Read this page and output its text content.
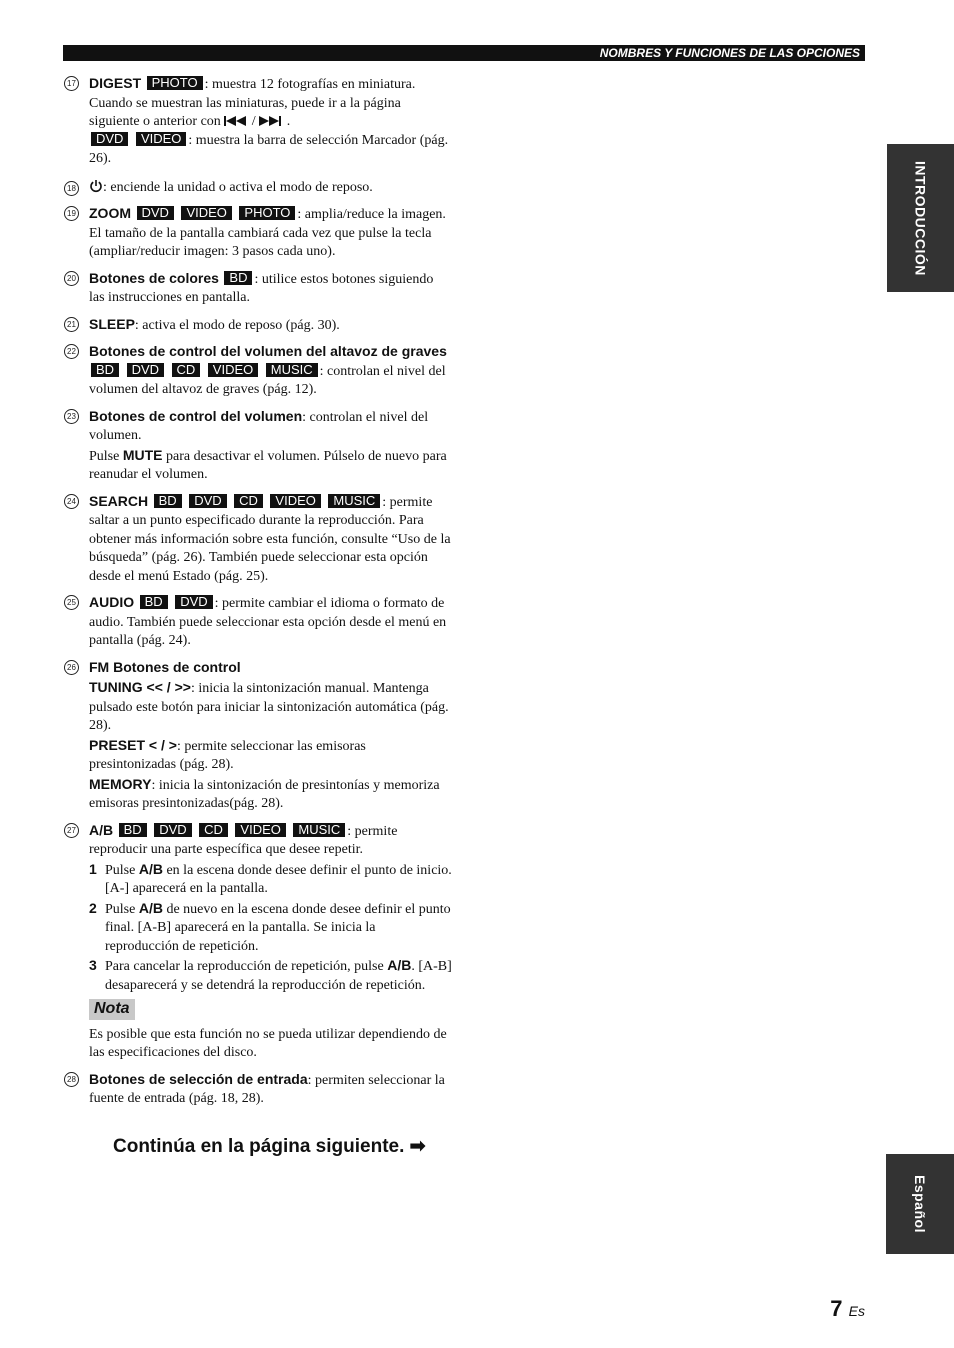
NOMBRES Y FUNCIONES DE LAS OPCIONES
INTRODUCCIÓN
Español
17 DIGEST PHOTO : muestra 12 fotografías en miniatura. Cuando se muestran las miniaturas, puede ir a la página siguiente o anterior con  /  .

DVD VIDEO : muestra la barra de selección Marcador (pág. 26).

18	: enciende la unidad o activa el modo de reposo.

19 ZOOM DVD VIDEO PHOTO : amplia/reduce la imagen. El tamaño de la pantalla cambiará cada vez que pulse la tecla (ampliar/reducir imagen: 3 pasos cada uno).

20 Botones de colores BD : utilice estos botones siguiendo las instrucciones en pantalla.

21 SLEEP: activa el modo de reposo (pág. 30).

22 Botones de control del volumen del altavoz de graves BD DVD CD VIDEO MUSIC : controlan el nivel del volumen del altavoz de graves (pág. 12).

23 Botones de control del volumen: controlan el nivel del volumen.

Pulse MUTE para desactivar el volumen. Púlselo de nuevo para reanudar el volumen.

24 SEARCH BD DVD CD VIDEO MUSIC : permite saltar a un punto especificado durante la reproducción. Para obtener más información sobre esta función, consulte “Uso de la búsqueda” (pág. 26). También puede seleccionar esta opción desde el menú Estado (pág. 25).

25 AUDIO BD DVD : permite cambiar el idioma o formato de audio. También puede seleccionar esta opción desde el menú en pantalla (pág. 24).

26 FM Botones de control

TUNING << / >>: inicia la sintonización manual. Mantenga pulsado este botón para iniciar la sintonización automática (pág. 28).

PRESET < / >: permite seleccionar las emisoras presintonizadas (pág. 28).

MEMORY: inicia la sintonización de presintonías y memoriza emisoras presintonizadas(pág. 28).

27 A/B BD DVD CD VIDEO MUSIC : permite reproducir una parte específica que desee repetir.

1 Pulse A/B en la escena donde desee definir el punto de inicio. [A-] aparecerá en la pantalla.

2 Pulse A/B de nuevo en la escena donde desee definir el punto final. [A-B] aparecerá en la pantalla. Se inicia la reproducción de repetición.

3 Para cancelar la reproducción de repetición, pulse A/B. [A-B] desaparecerá y se detendrá la reproducción de repetición.

Nota

Es posible que esta función no se pueda utilizar dependiendo de las especificaciones del disco.

28 Botones de selección de entrada: permiten seleccionar la fuente de entrada (pág. 18, 28).

Continúa en la página siguiente. ➡
7 Es
